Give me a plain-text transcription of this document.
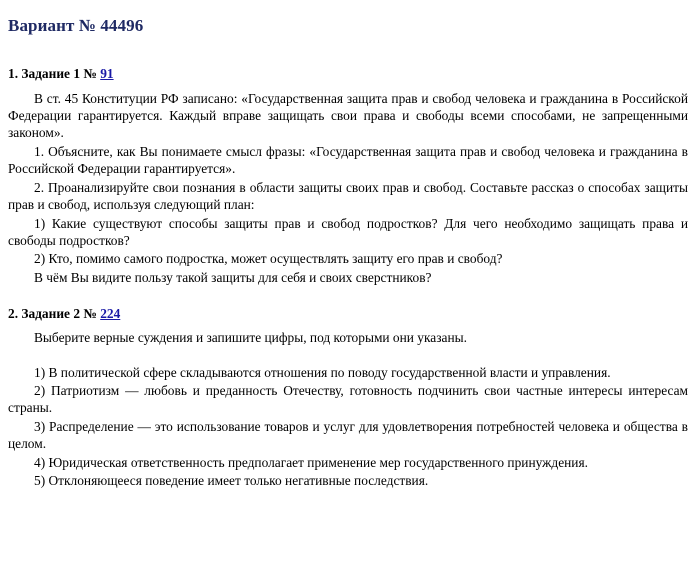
Вариант № 44496
1. Задание 1 № 91

В ст. 45 Конституции РФ записано: «Государственная защита прав и свобод человека и гражданина в Российской Федерации гарантируется. Каждый вправе защищать свои права и свободы всеми способами, не запрещенными законом».

1. Объясните, как Вы понимаете смысл фразы: «Государственная защита прав и свобод человека и гражданина в Российской Федерации гарантируется».

2. Проанализируйте свои познания в области защиты своих прав и свобод. Составьте рассказ о способах защиты прав и свобод, используя следующий план:

1) Какие существуют способы защиты прав и свобод подростков? Для чего необходимо защищать права и свободы подростков?

2) Кто, помимо самого подростка, может осуществлять защиту его прав и свобод?

В чём Вы видите пользу такой защиты для себя и своих сверстников?

2. Задание 2 № 224

Выберите верные суждения и запишите цифры, под которыми они указаны.

1) В политической сфере складываются отношения по поводу государственной власти и управления.

2) Патриотизм — любовь и преданность Отечеству, готовность подчинить свои частные интересы интересам страны.

3) Распределение — это использование товаров и услуг для удовлетворения потребностей человека и общества в целом.

4) Юридическая ответственность предполагает применение мер государственного принуждения.

5) Отклоняющееся поведение имеет только негативные последствия.
